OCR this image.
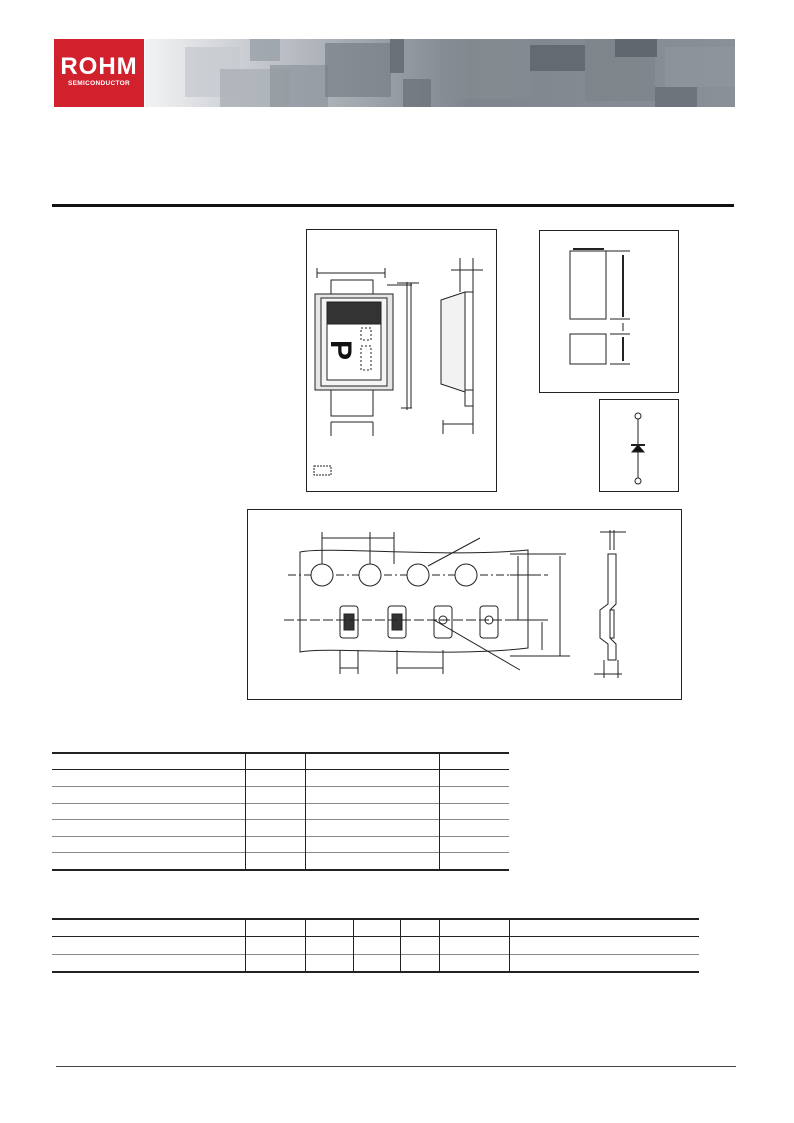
ROHM
SEMICONDUCTOR
P
